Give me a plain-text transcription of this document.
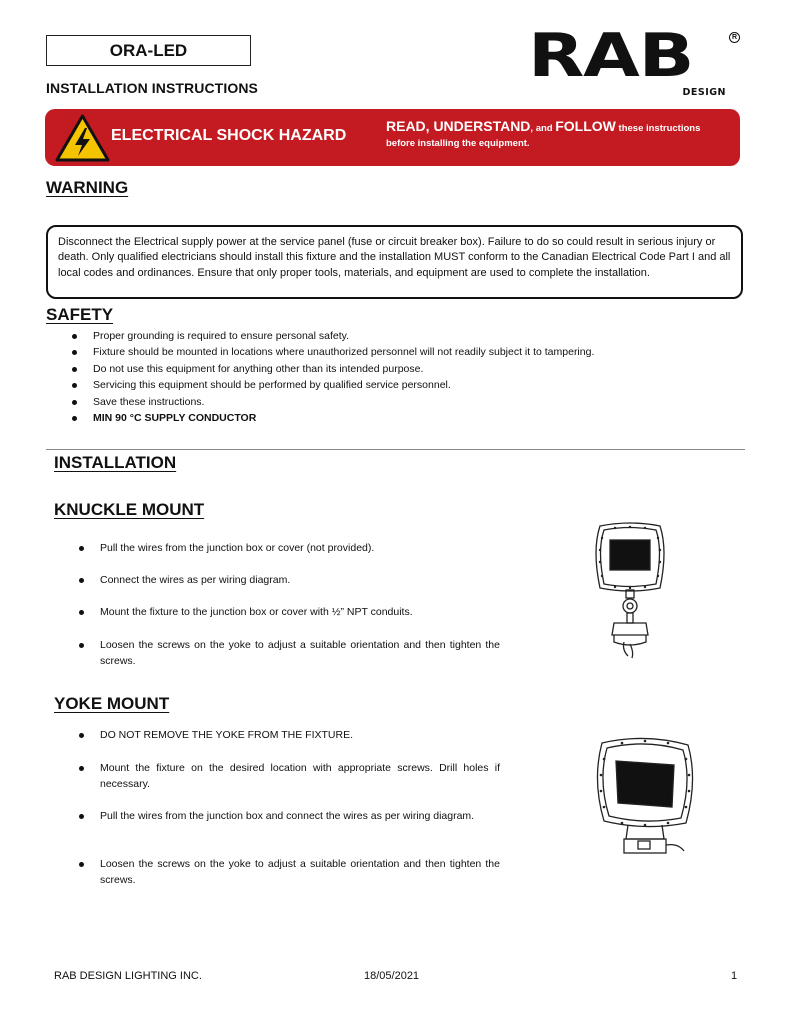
ORA-LED
INSTALLATION INSTRUCTIONS	RAB	R
DESIGN
ELECTRICAL SHOCK HAZARD
READ, UNDERSTAND, and FOLLOW these instructions
before installing the equipment.
WARNING
Disconnect the Electrical supply power at the service panel (fuse or circuit breaker box). Failure to do so could result in serious injury or death. Only qualified electricians should install this fixture and the installation MUST conform to the Canadian Electrical Code Part I and all local codes and ordinances. Ensure that only proper tools, materials, and equipment are used to complete the installation.
SAFETY
Proper grounding is required to ensure personal safety.
Fixture should be mounted in locations where unauthorized personnel will not readily subject it to tampering.
Do not use this equipment for anything other than its intended purpose.
Servicing this equipment should be performed by qualified service personnel.
Save these instructions.
MIN 90 °C SUPPLY CONDUCTOR
INSTALLATION
KNUCKLE MOUNT
Pull the wires from the junction box or cover (not provided).
Connect the wires as per wiring diagram.
Mount the fixture to the junction box or cover with ½” NPT conduits.
Loosen the screws on the yoke to adjust a suitable orientation and then tighten the screws.
YOKE MOUNT
DO NOT REMOVE THE YOKE FROM THE FIXTURE.
Mount the fixture on the desired location with appropriate screws. Drill holes if necessary.
Pull the wires from the junction box and connect the wires as per wiring diagram.
Loosen the screws on the yoke to adjust a suitable orientation and then tighten the screws.
RAB DESIGN LIGHTING INC.	18/05/2021	1
